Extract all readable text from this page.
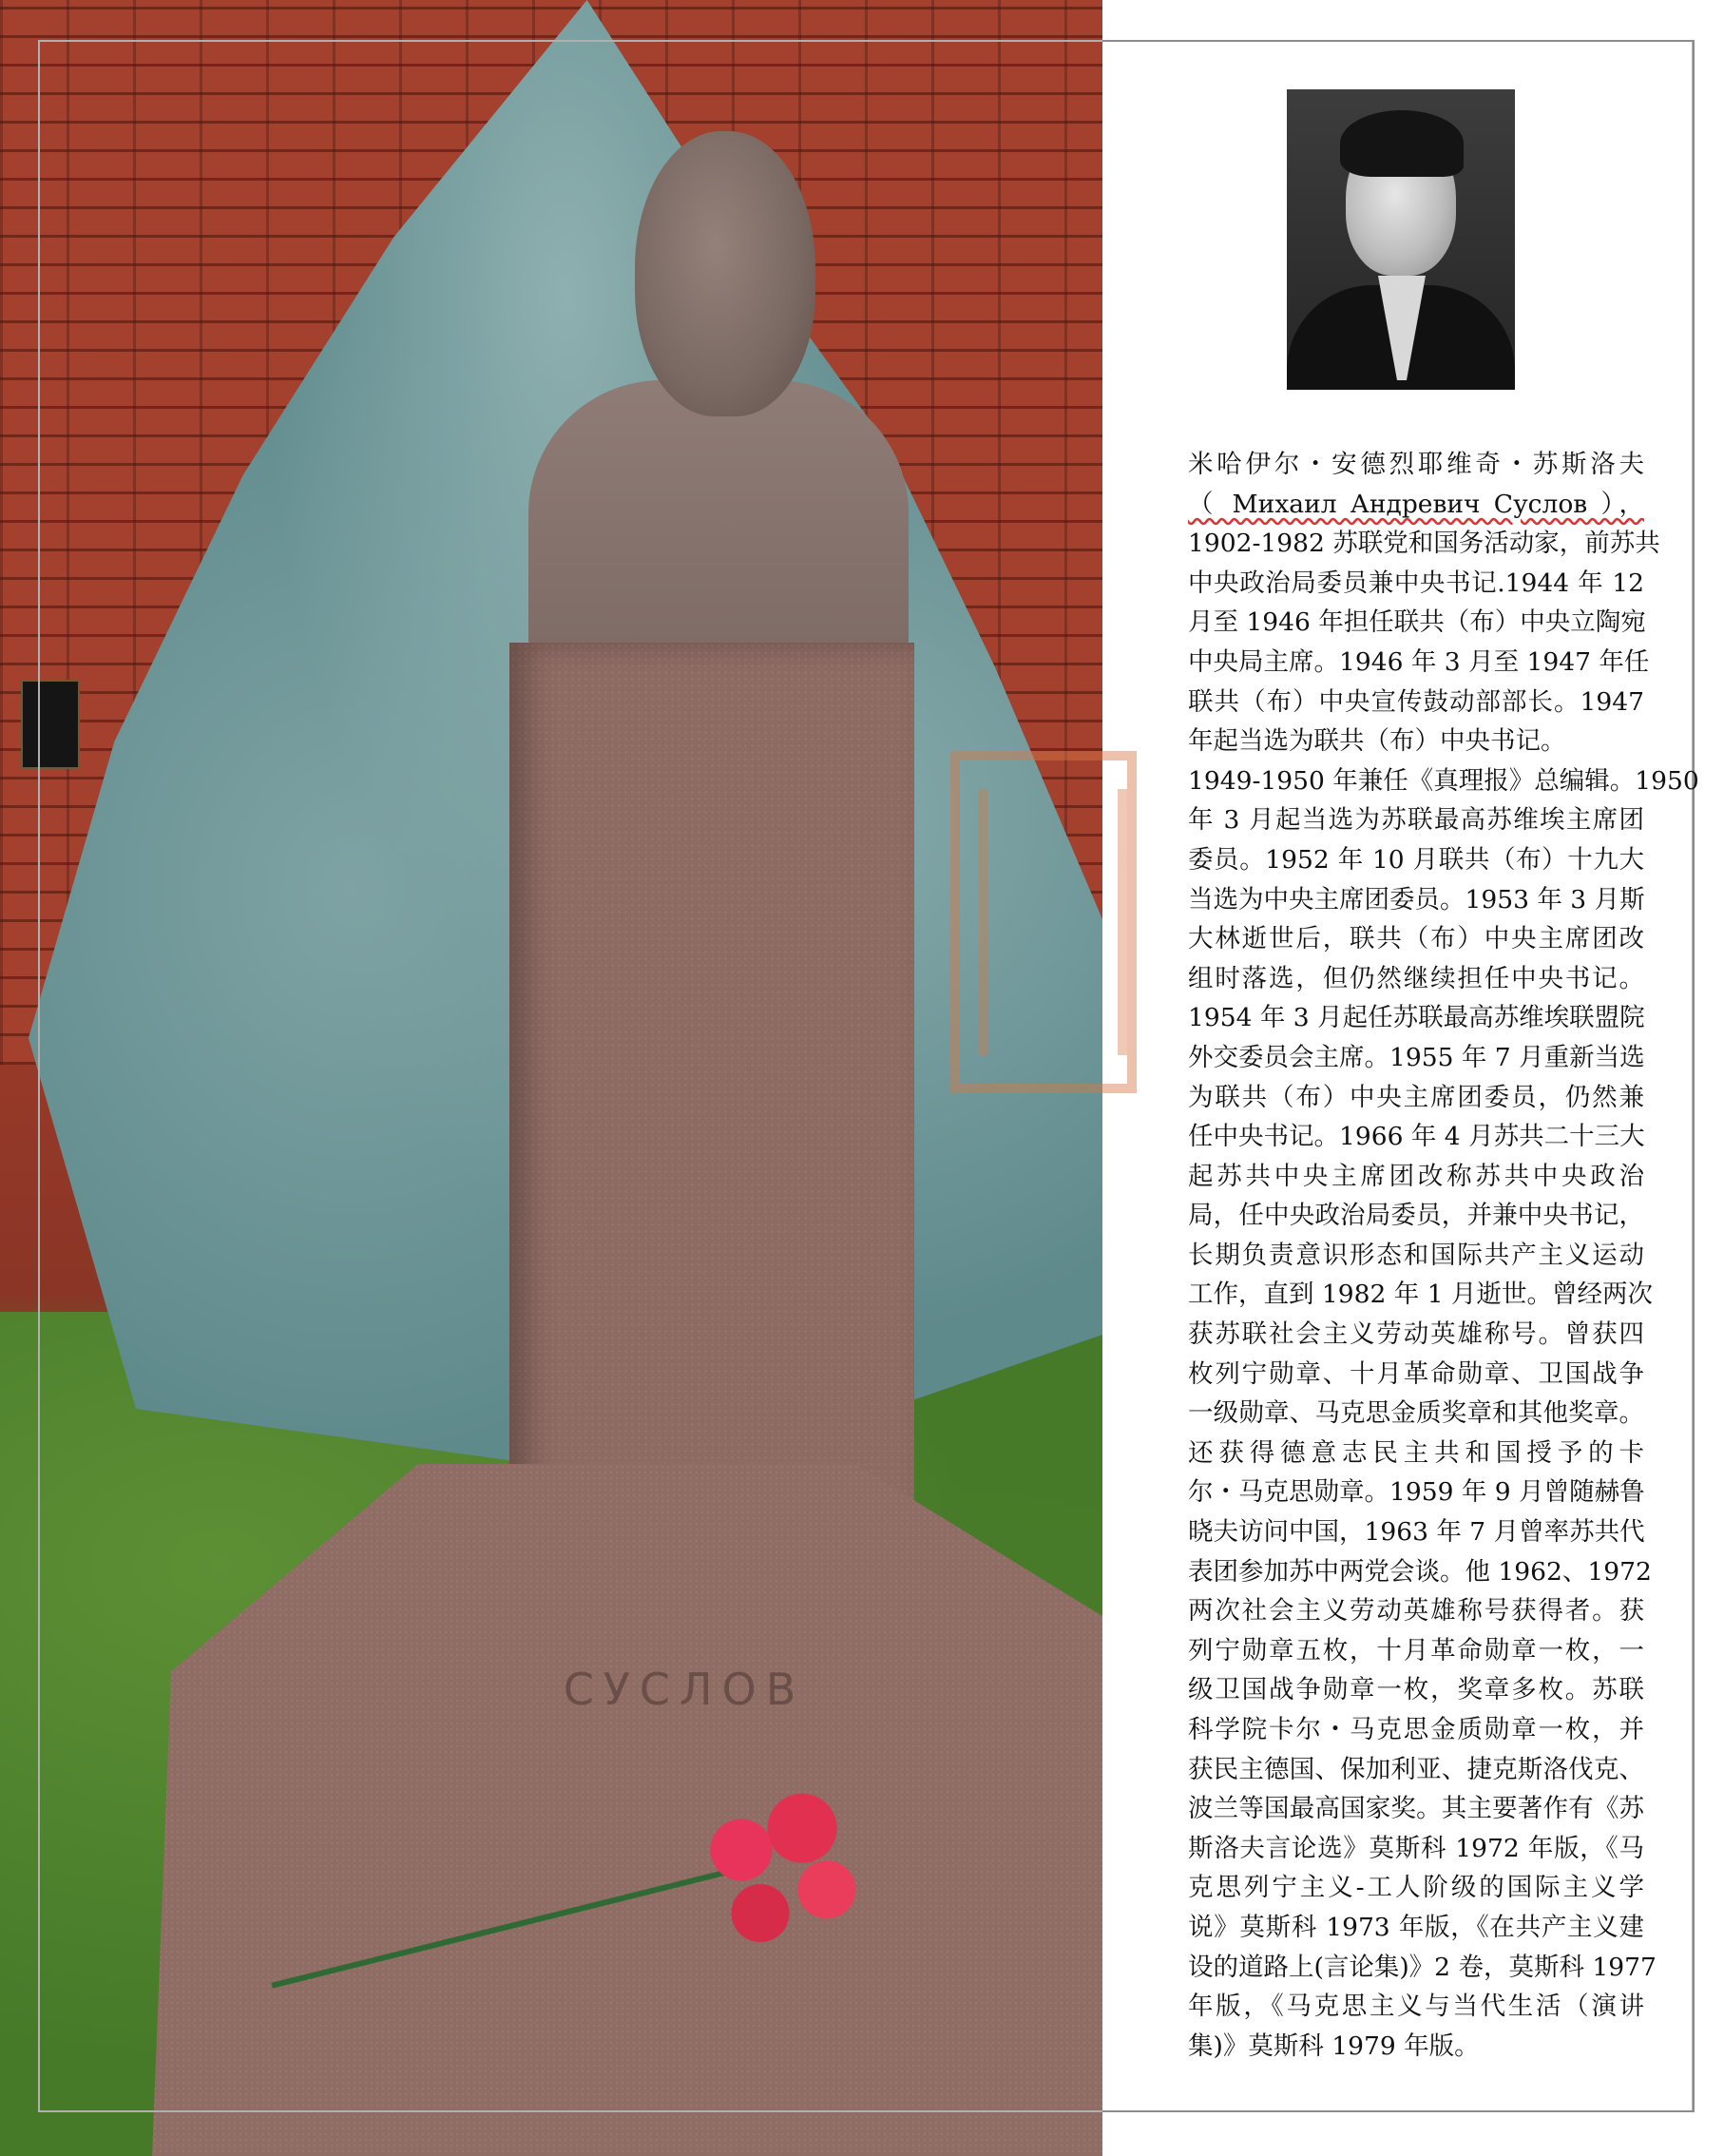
СУСЛОВ
米哈伊尔・安德烈耶维奇・苏斯洛夫
（ Михаил Андревич Суслов ），
1902-1982 苏联党和国务活动家，前苏共
中央政治局委员兼中央书记.1944 年 12
月至 1946 年担任联共（布）中央立陶宛
中央局主席。1946 年 3 月至 1947 年任
联共（布）中央宣传鼓动部部长。1947
年起当选为联共（布）中央书记。
1949-1950 年兼任《真理报》总编辑。1950
年 3 月起当选为苏联最高苏维埃主席团
委员。1952 年 10 月联共（布）十九大
当选为中央主席团委员。1953 年 3 月斯
大林逝世后，联共（布）中央主席团改
组时落选，但仍然继续担任中央书记。
1954 年 3 月起任苏联最高苏维埃联盟院
外交委员会主席。1955 年 7 月重新当选
为联共（布）中央主席团委员，仍然兼
任中央书记。1966 年 4 月苏共二十三大
起苏共中央主席团改称苏共中央政治
局，任中央政治局委员，并兼中央书记，
长期负责意识形态和国际共产主义运动
工作，直到 1982 年 1 月逝世。曾经两次
获苏联社会主义劳动英雄称号。曾获四
枚列宁勋章、十月革命勋章、卫国战争
一级勋章、马克思金质奖章和其他奖章。
还获得德意志民主共和国授予的卡
尔・马克思勋章。1959 年 9 月曾随赫鲁
晓夫访问中国，1963 年 7 月曾率苏共代
表团参加苏中两党会谈。他 1962、1972
两次社会主义劳动英雄称号获得者。获
列宁勋章五枚，十月革命勋章一枚，一
级卫国战争勋章一枚，奖章多枚。苏联
科学院卡尔・马克思金质勋章一枚，并
获民主德国、保加利亚、捷克斯洛伐克、
波兰等国最高国家奖。其主要著作有《苏
斯洛夫言论选》莫斯科 1972 年版，《马
克思列宁主义-工人阶级的国际主义学
说》莫斯科 1973 年版，《在共产主义建
设的道路上(言论集)》2 卷，莫斯科 1977
年版，《马克思主义与当代生活（演讲
集)》莫斯科 1979 年版。
